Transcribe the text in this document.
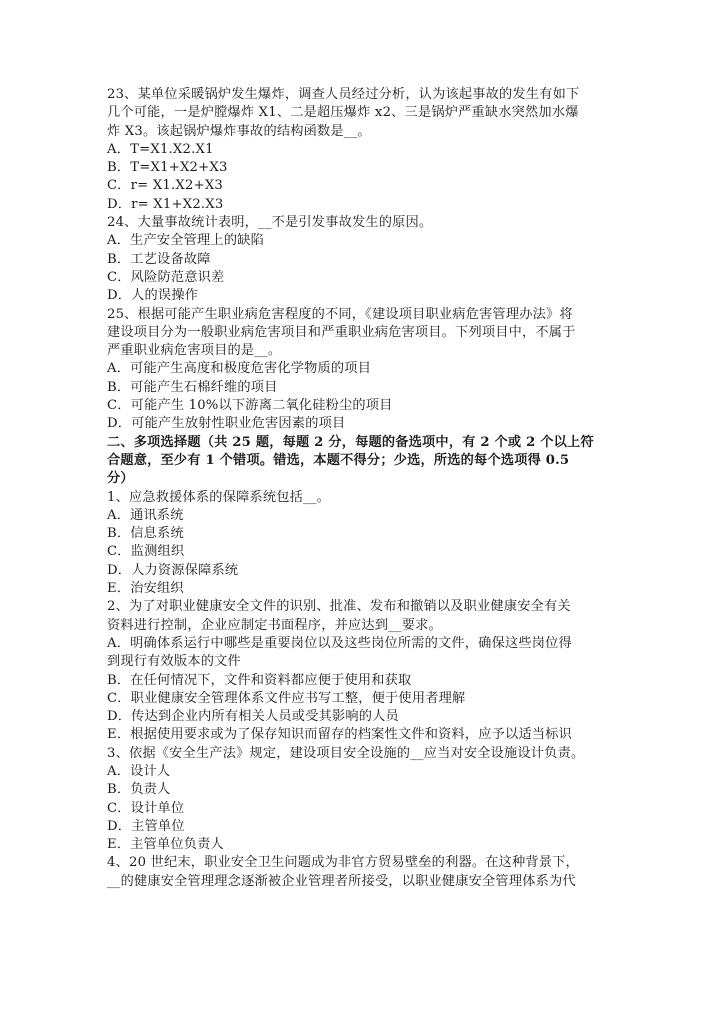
23、某单位采暖锅炉发生爆炸，调查人员经过分析，认为该起事故的发生有如下
几个可能，一是炉膛爆炸 X1、二是超压爆炸 x2、三是锅炉严重缺水突然加水爆
炸 X3。该起锅炉爆炸事故的结构函数是__。
A．T=X1.X2.X1
B．T=X1+X2+X3
C．r= X1.X2+X3
D．r= X1+X2.X3
24、大量事故统计表明，__不是引发事故发生的原因。
A．生产安全管理上的缺陷
B．工艺设备故障
C．风险防范意识差
D．人的误操作
25、根据可能产生职业病危害程度的不同，《建设项目职业病危害管理办法》将
建设项目分为一般职业病危害项目和严重职业病危害项目。下列项目中，不属于
严重职业病危害项目的是__。
A．可能产生高度和极度危害化学物质的项目
B．可能产生石棉纤维的项目
C．可能产生 10%以下游离二氧化硅粉尘的项目
D．可能产生放射性职业危害因素的项目
二、多项选择题（共 25 题，每题 2 分，每题的备选项中，有 2 个或 2 个以上符
合题意，至少有 1 个错项。错选，本题不得分；少选，所选的每个选项得 0.5
分）
1、应急救援体系的保障系统包括__。
A．通讯系统
B．信息系统
C．监测组织
D．人力资源保障系统
E．治安组织
2、为了对职业健康安全文件的识别、批准、发布和撤销以及职业健康安全有关
资料进行控制，企业应制定书面程序，并应达到__要求。
A．明确体系运行中哪些是重要岗位以及这些岗位所需的文件，确保这些岗位得
到现行有效版本的文件
B．在任何情况下，文件和资料都应便于使用和获取
C．职业健康安全管理体系文件应书写工整，便于使用者理解
D．传达到企业内所有相关人员或受其影响的人员
E．根据使用要求或为了保存知识而留存的档案性文件和资料，应予以适当标识
3、依据《安全生产法》规定，建设项目安全设施的__应当对安全设施设计负责。
A．设计人
B．负责人
C．设计单位
D．主管单位
E．主管单位负责人
4、20 世纪末，职业安全卫生问题成为非官方贸易壁垒的利器。在这种背景下，
__的健康安全管理理念逐渐被企业管理者所接受，以职业健康安全管理体系为代
